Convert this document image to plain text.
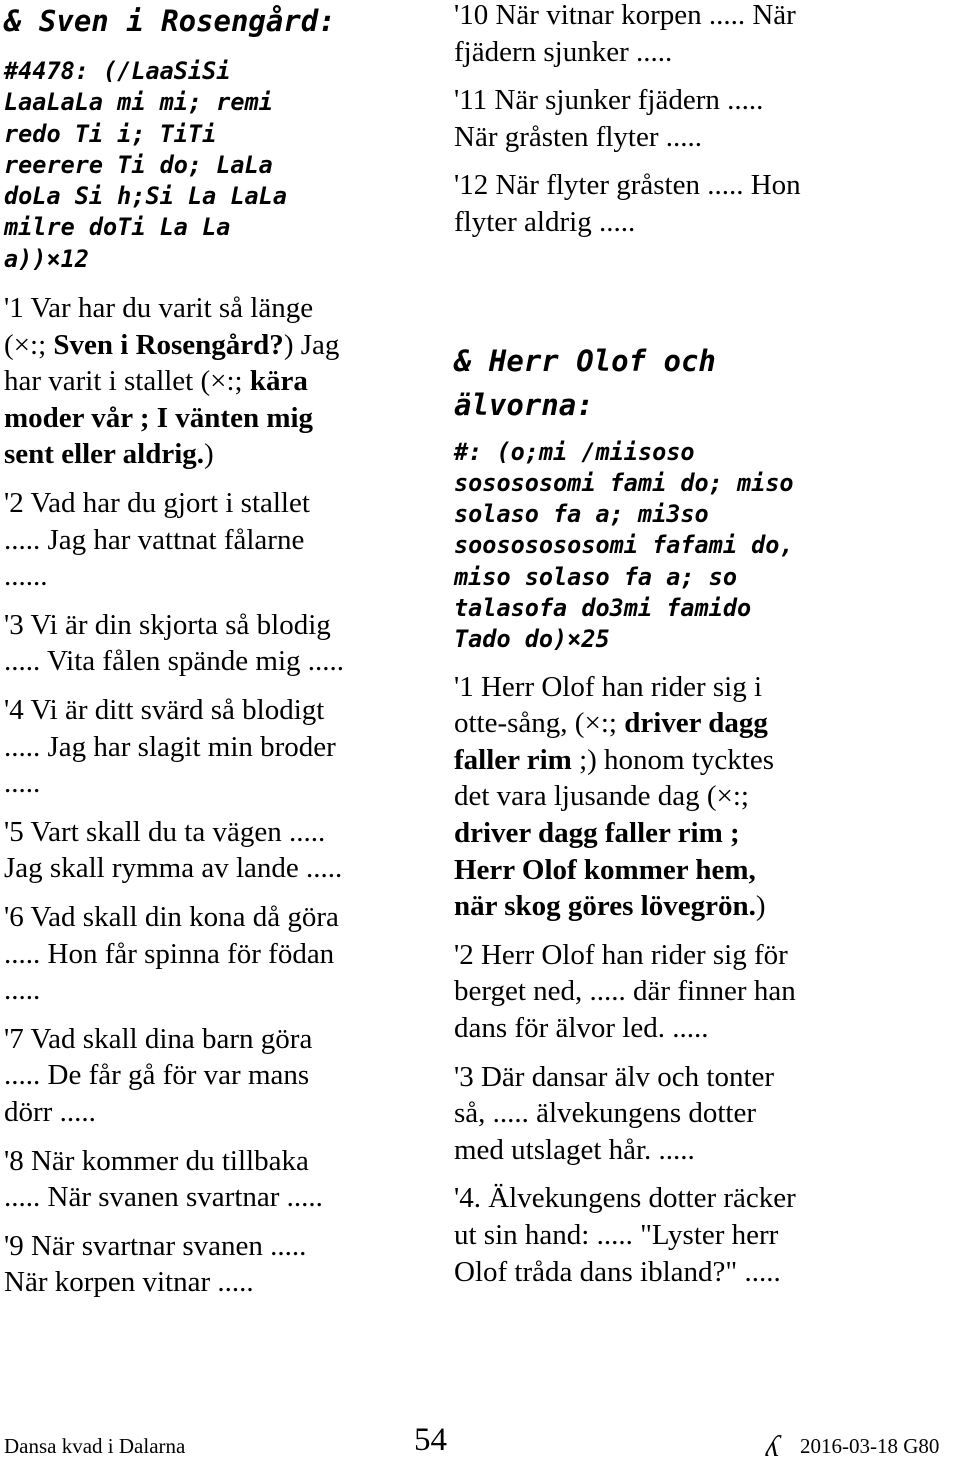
& Sven i Rosengård:
#4478: (/LaaSiSi
LaaLaLa mi mi; remi
redo Ti i; TiTi
reerere Ti do; LaLa
doLa Si h;Si La LaLa
milre doTi La La
a))×12
'1 Var har du varit så länge
(×:; Sven i Rosengård?) Jag
har varit i stallet (×:; kära
moder vår ; I vänten mig
sent eller aldrig.)
'2 Vad har du gjort i stallet
..... Jag har vattnat fålarne
......
'3 Vi är din skjorta så blodig
..... Vita fålen spände mig .....
'4 Vi är ditt svärd så blodigt
..... Jag har slagit min broder
.....
'5 Vart skall du ta vägen .....
Jag skall rymma av lande .....
'6 Vad skall din kona då göra
..... Hon får spinna för födan
.....
'7 Vad skall dina barn göra
..... De får gå för var mans
dörr .....
'8 När kommer du tillbaka
..... När svanen svartnar .....
'9 När svartnar svanen .....
När korpen vitnar .....
'10 När vitnar korpen ..... När
fjädern sjunker .....
'11 När sjunker fjädern .....
När gråsten flyter .....
'12 När flyter gråsten ..... Hon
flyter aldrig .....
& Herr Olof och
älvorna:
#: (o;mi /miisoso
sosososomi fami do; miso
solaso fa a; mi3so
soososososomi fafami do,
miso solaso fa a; so
talasofa do3mi famido
Tado do)×25
'1 Herr Olof han rider sig i
otte-sång, (×:; driver dagg
faller rim ;) honom tycktes
det vara ljusande dag (×:;
driver dagg faller rim ;
Herr Olof kommer hem,
när skog göres lövegrön.)
'2 Herr Olof han rider sig för
berget ned, ..... där finner han
dans för älvor led. .....
'3 Där dansar älv och tonter
så, ..... älvekungens dotter
med utslaget hår. .....
'4. Älvekungens dotter räcker
ut sin hand: ..... "Lyster herr
Olof tråda dans ibland?" .....
Dansa kvad i Dalarna	54	ʎ 2016-03-18 G80
